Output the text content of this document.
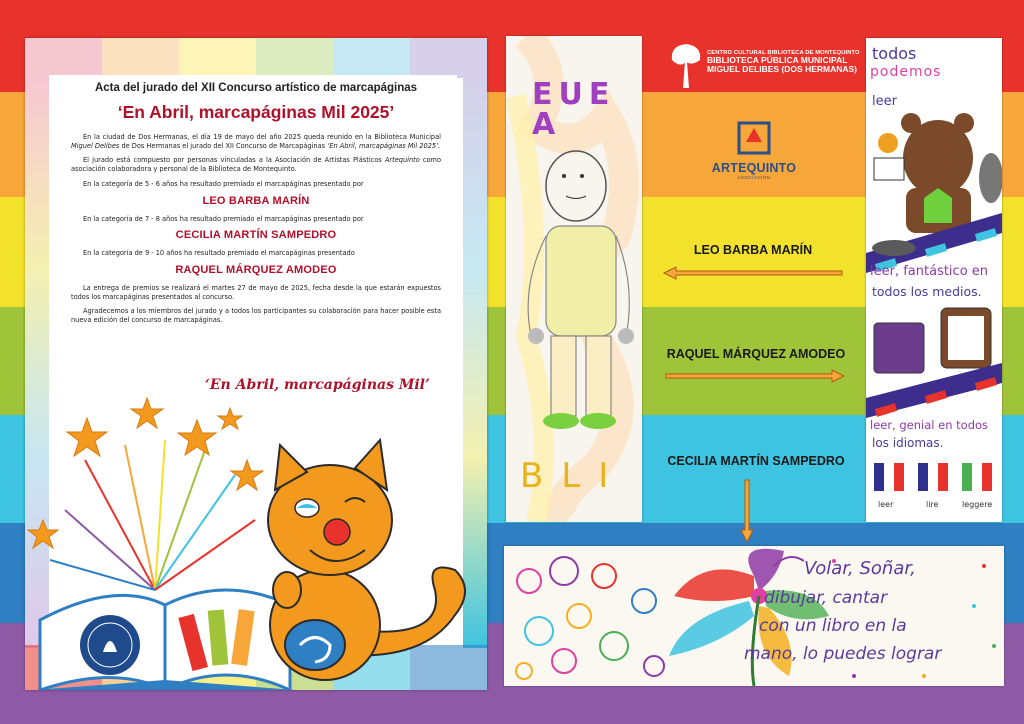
Acta del jurado del XII Concurso artístico de marcapáginas

‘En Abril, marcapáginas Mil 2025’

En la ciudad de Dos Hermanas, el día 19 de mayo del año 2025 queda reunido en la Biblioteca Municipal Miguel Delibes de Dos Hermanas el jurado del XII Concurso de Marcapáginas ‘En Abril, marcapáginas Mil 2025’.

El jurado está compuesto por personas vinculadas a la Asociación de Artistas Plásticos Artequinto como asociación colaboradora y personal de la Biblioteca de Montequinto.

En la categoría de 5 - 6 años ha resultado premiado el marcapáginas presentado por

LEO BARBA MARÍN

En la categoría de 7 - 8 años ha resultado premiado el marcapáginas presentado por

CECILIA MARTÍN SAMPEDRO

En la categoría de 9 - 10 años ha resultado premiado el marcapáginas presentado

RAQUEL MÁRQUEZ AMODEO

La entrega de premios se realizará el martes 27 de mayo de 2025, fecha desde la que estarán expuestos todos los marcapáginas presentados al concurso.

Agradecemos a los miembros del jurado y a todos los participantes su colaboración para hacer posible esta nueva edición del concurso de marcapáginas.

‘En Abril, marcapáginas Mil’
EUEA
BLI
todos
podemos
leer
leer, fantástico en
todos los medios.
leer, genial en todos
los idiomas.
leer	lire	leggere
CENTRO CULTURAL BIBLIOTECA DE MONTEQUINTO
BIBLIOTECA PÚBLICA MUNICIPAL
MIGUEL DELIBES (DOS HERMANAS)
ARTEQUINTO
ASOCIACIÓN
LEO BARBA MARÍN
RAQUEL MÁRQUEZ AMODEO
CECILIA MARTÍN SAMPEDRO
Volar, Soñar,
dibujar, cantar
con un libro en la
mano, lo puedes lograr
